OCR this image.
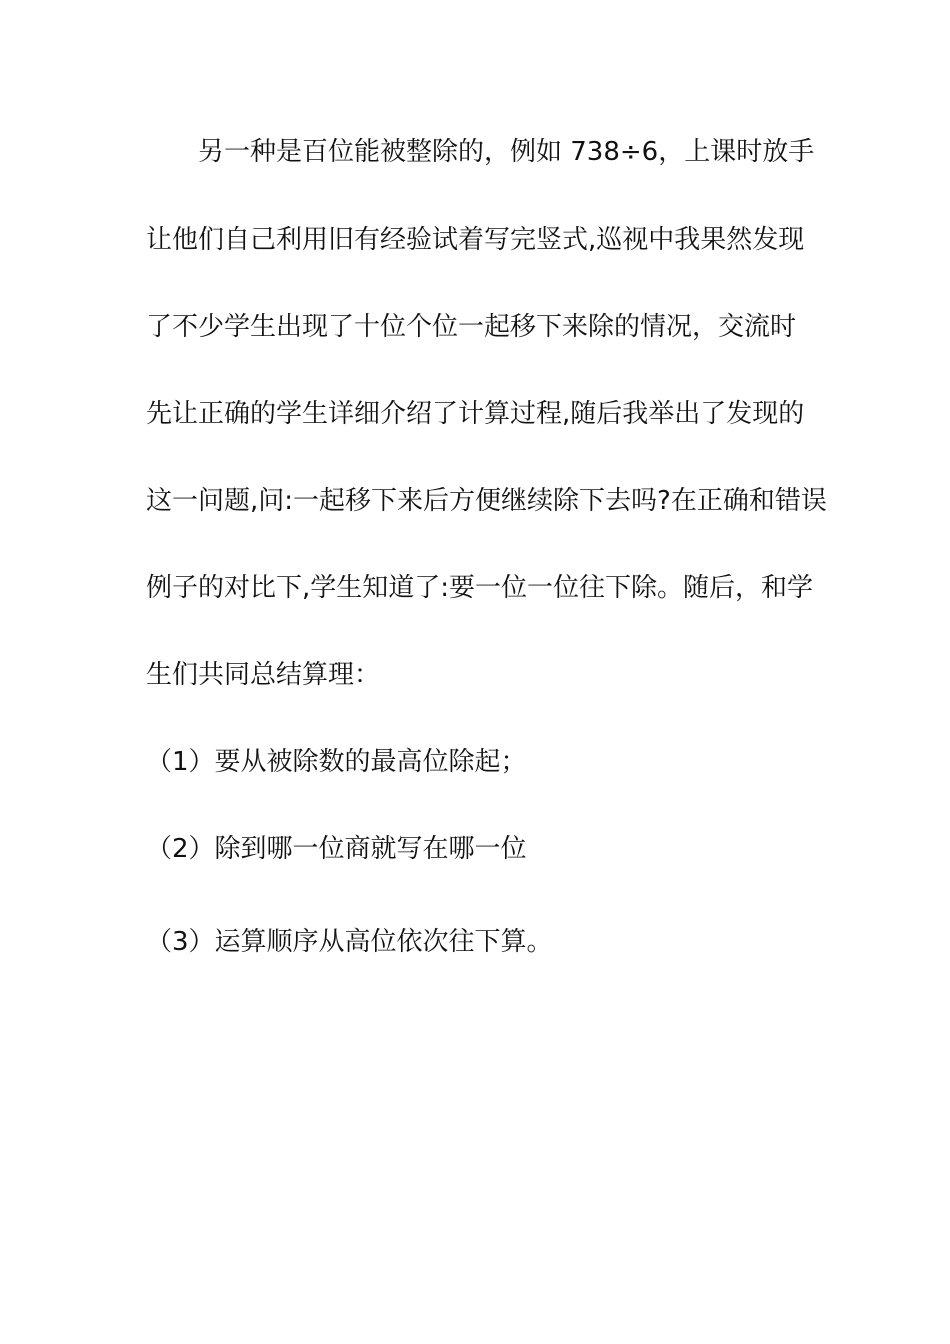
另一种是百位能被整除的，例如 738÷6，上课时放手
让他们自己利用旧有经验试着写完竖式,巡视中我果然发现
了不少学生出现了十位个位一起移下来除的情况，交流时
先让正确的学生详细介绍了计算过程,随后我举出了发现的
这一问题,问:一起移下来后方便继续除下去吗?在正确和错误
例子的对比下,学生知道了:要一位一位往下除。随后，和学
生们共同总结算理：
（1）要从被除数的最高位除起；
（2）除到哪一位商就写在哪一位
（3）运算顺序从高位依次往下算。
